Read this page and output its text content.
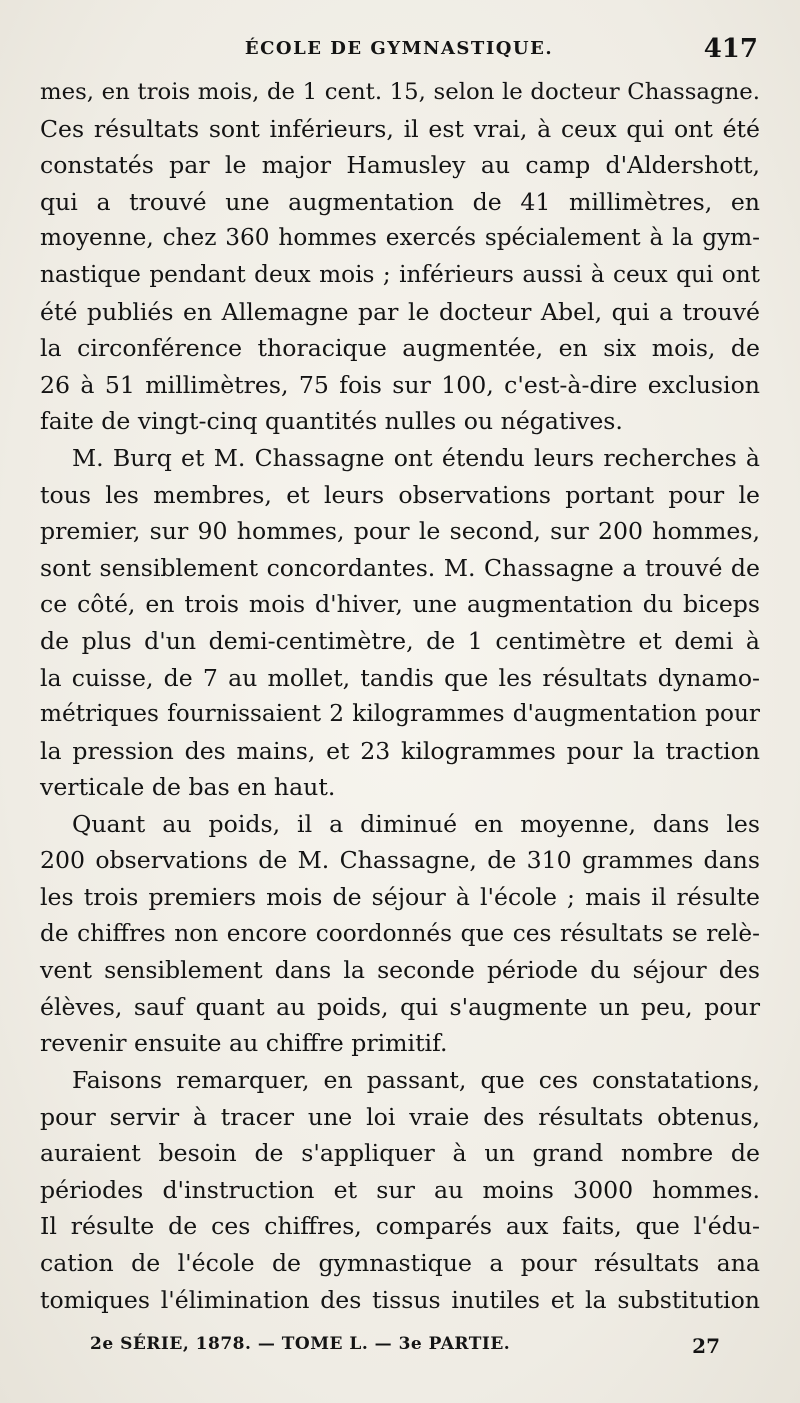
ÉCOLE DE GYMNASTIQUE.	417
mes, en trois mois, de 1 cent. 15, selon le docteur Chassagne.
Ces résultats sont inférieurs, il est vrai, à ceux qui ont été
constatés par le major Hamusley au camp d'Aldershott,
qui a trouvé une augmentation de 41 millimètres, en
moyenne, chez 360 hommes exercés spécialement à la gym-
nastique pendant deux mois ; inférieurs aussi à ceux qui ont
été publiés en Allemagne par le docteur Abel, qui a trouvé
la circonférence thoracique augmentée, en six mois, de
26 à 51 millimètres, 75 fois sur 100, c'est-à-dire exclusion
faite de vingt-cinq quantités nulles ou négatives.
M. Burq et M. Chassagne ont étendu leurs recherches à
tous les membres, et leurs observations portant pour le
premier, sur 90 hommes, pour le second, sur 200 hommes,
sont sensiblement concordantes. M. Chassagne a trouvé de
ce côté, en trois mois d'hiver, une augmentation du biceps
de plus d'un demi-centimètre, de 1 centimètre et demi à
la cuisse, de 7 au mollet, tandis que les résultats dynamo-
métriques fournissaient 2 kilogrammes d'augmentation pour
la pression des mains, et 23 kilogrammes pour la traction
verticale de bas en haut.
Quant au poids, il a diminué en moyenne, dans les
200 observations de M. Chassagne, de 310 grammes dans
les trois premiers mois de séjour à l'école ; mais il résulte
de chiffres non encore coordonnés que ces résultats se relè-
vent sensiblement dans la seconde période du séjour des
élèves, sauf quant au poids, qui s'augmente un peu, pour
revenir ensuite au chiffre primitif.
Faisons remarquer, en passant, que ces constatations,
pour servir à tracer une loi vraie des résultats obtenus,
auraient besoin de s'appliquer à un grand nombre de
périodes d'instruction et sur au moins 3000 hommes.
Il résulte de ces chiffres, comparés aux faits, que l'édu-
cation de l'école de gymnastique a pour résultats ana
tomiques l'élimination des tissus inutiles et la substitution
2e SÉRIE, 1878. — TOME L. — 3e PARTIE.	27
